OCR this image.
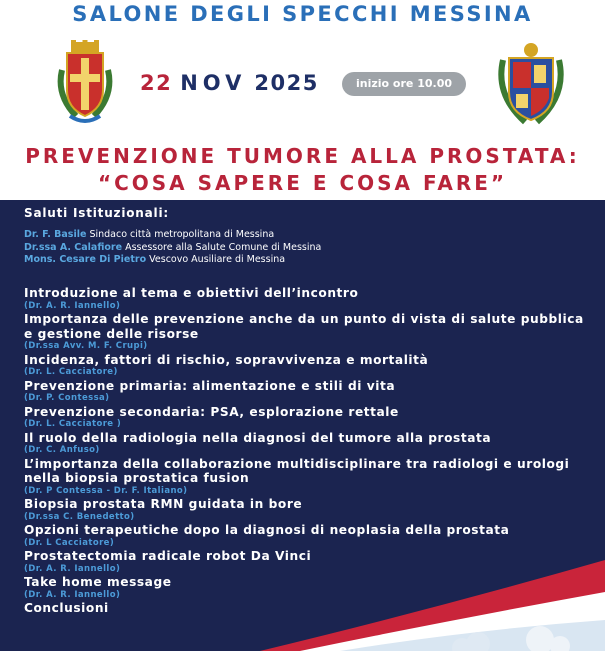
SALONE DEGLI SPECCHI MESSINA
22 NOV 2025	inizio ore 10.00
PREVENZIONE TUMORE ALLA PROSTATA:
“COSA SAPERE E COSA FARE”
Saluti Istituzionali:
Dr. F. Basile Sindaco città metropolitana di Messina
Dr.ssa A. Calafiore Assessore alla Salute Comune di Messina
Mons. Cesare Di Pietro Vescovo Ausiliare di Messina
Introduzione al tema e obiettivi dell’incontro
(Dr. A. R. Iannello)
Importanza delle prevenzione anche da un punto di vista di salute pubblica e gestione delle risorse
(Dr.ssa Avv. M. F. Crupi)
Incidenza, fattori di rischio, sopravvivenza e mortalità
(Dr. L. Cacciatore)
Prevenzione primaria: alimentazione e stili di vita
(Dr. P. Contessa)
Prevenzione secondaria: PSA, esplorazione rettale
(Dr. L. Cacciatore )
Il ruolo della radiologia nella diagnosi del tumore alla prostata
(Dr. C. Anfuso)
L’importanza della collaborazione multidisciplinare tra radiologi e urologi nella biopsia prostatica fusion
(Dr. P Contessa - Dr. F. Italiano)
Biopsia prostata RMN guidata in bore
(Dr.ssa C. Benedetto)
Opzioni terapeutiche dopo la diagnosi di neoplasia della prostata
(Dr. L Cacciatore)
Prostatectomia radicale robot Da Vinci
(Dr. A. R. Iannello)
Take home message
(Dr. A. R. Iannello)
Conclusioni
